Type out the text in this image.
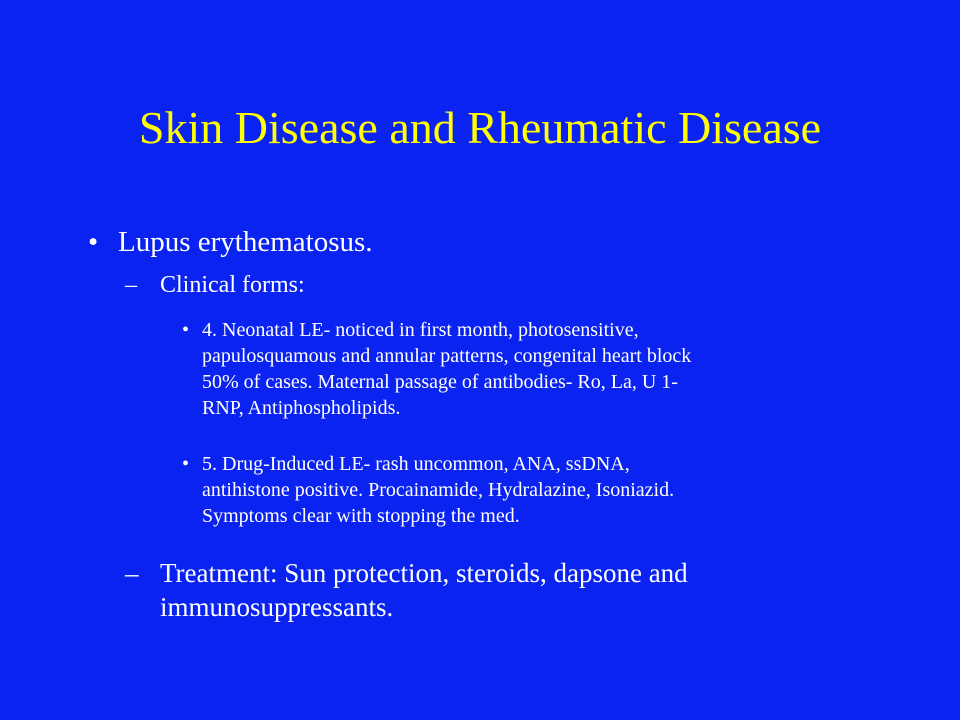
Skin Disease and Rheumatic Disease
• Lupus erythematosus.
– Clinical forms:
• 4. Neonatal LE- noticed in first month, photosensitive,
papulosquamous and annular patterns, congenital heart block
50% of cases. Maternal passage of antibodies- Ro, La, U 1-
RNP, Antiphospholipids.
• 5. Drug-Induced LE- rash uncommon, ANA, ssDNA,
antihistone positive. Procainamide, Hydralazine, Isoniazid.
Symptoms clear with stopping the med.
– Treatment: Sun protection, steroids, dapsone and
immunosuppressants.
